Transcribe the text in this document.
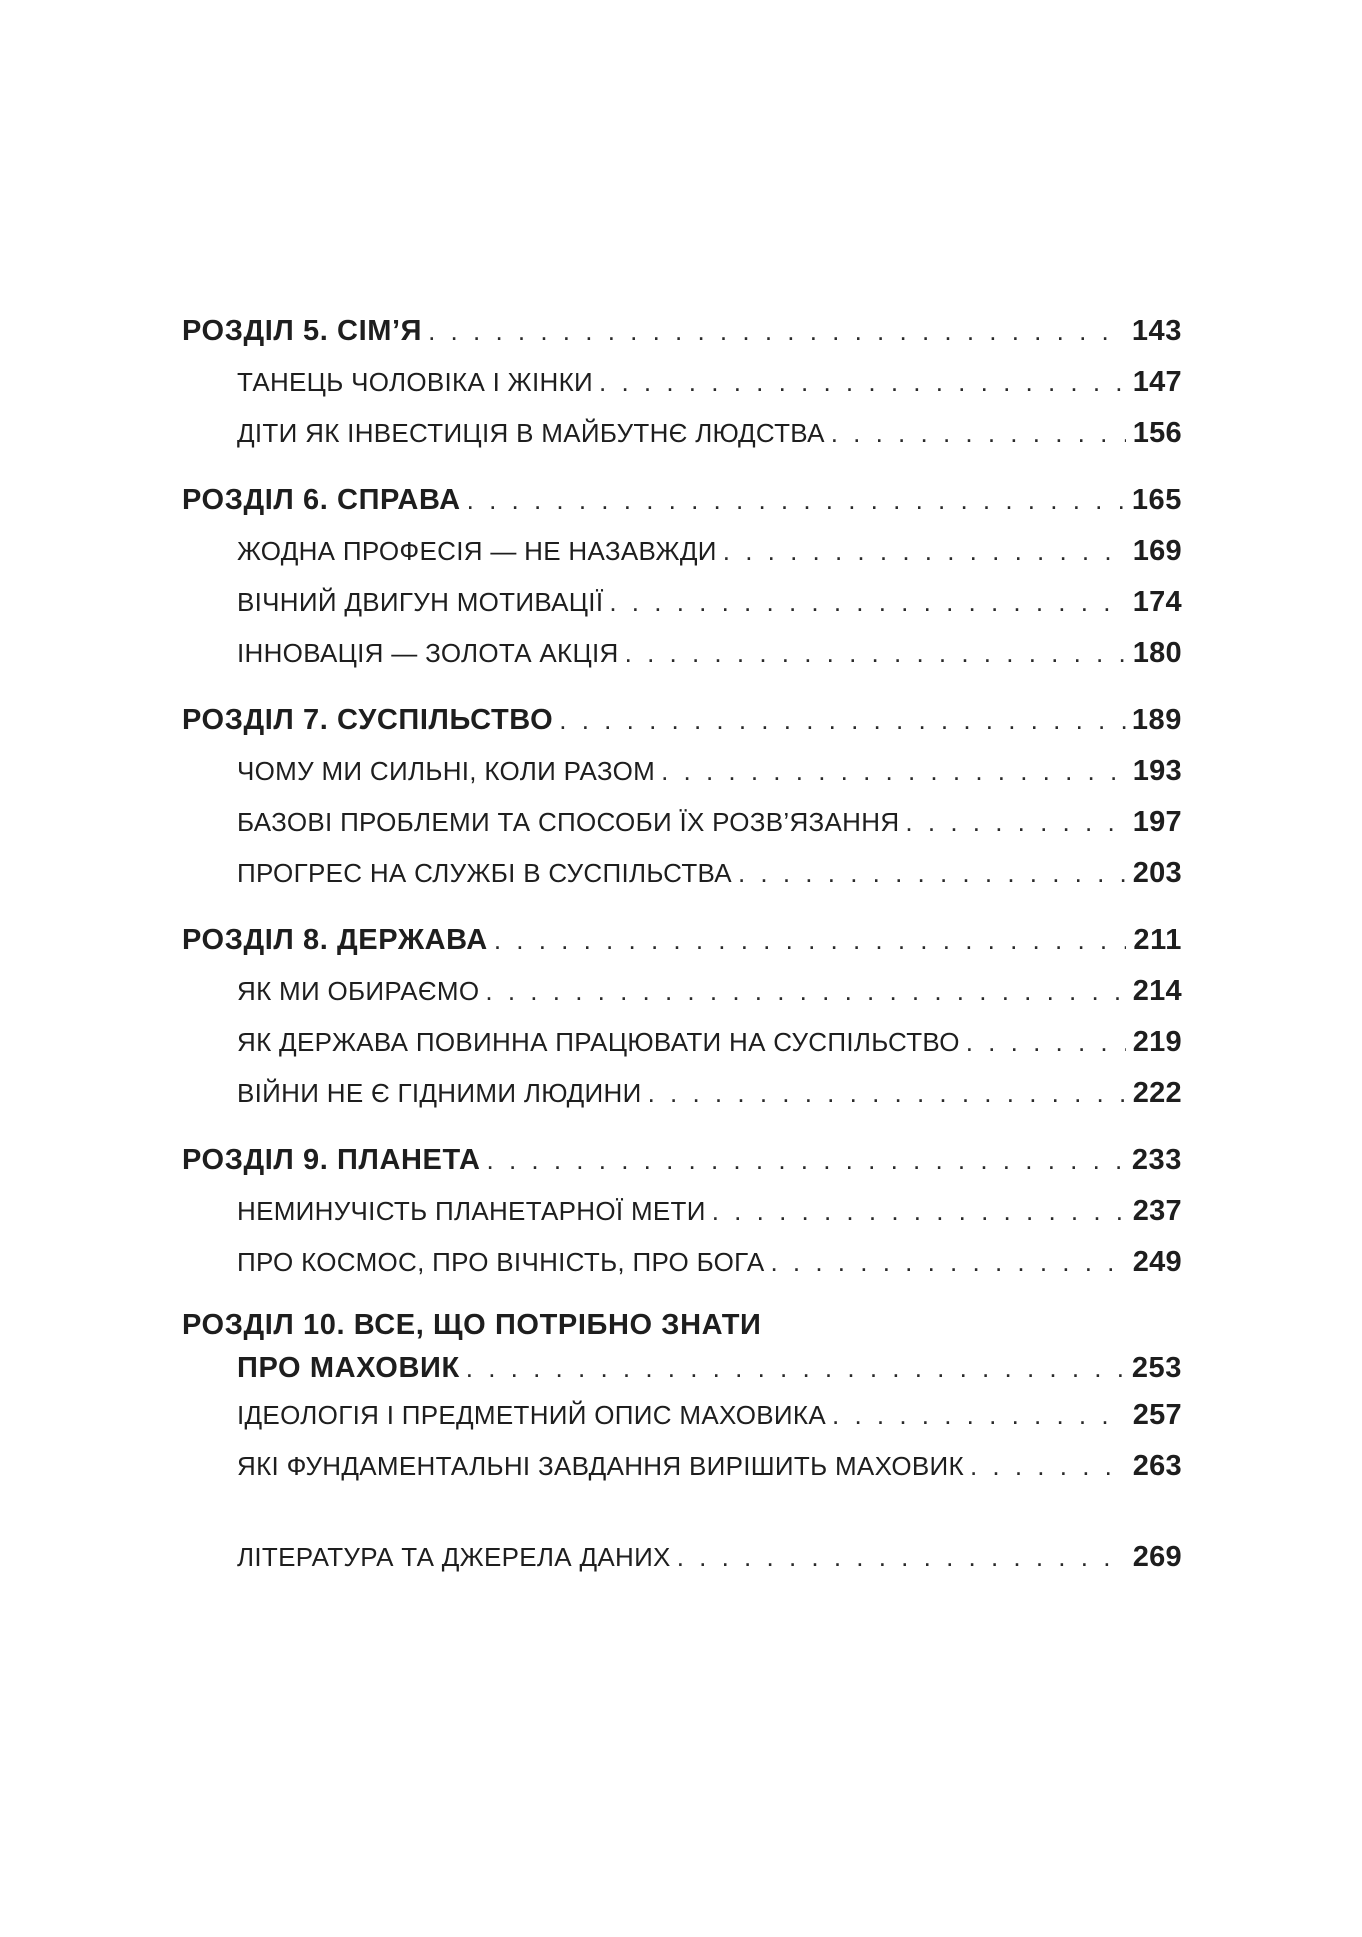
РОЗДІЛ 5. СІМ’Я . . .	143
ТАНЕЦЬ ЧОЛОВІКА І ЖІНКИ . . .	147
ДІТИ ЯК ІНВЕСТИЦІЯ В МАЙБУТНЄ ЛЮДСТВА . . .	156
РОЗДІЛ 6. СПРАВА . . .	165
ЖОДНА ПРОФЕСІЯ — НЕ НАЗАВЖДИ . . .	169
ВІЧНИЙ ДВИГУН МОТИВАЦІЇ . . .	174
ІННОВАЦІЯ — ЗОЛОТА АКЦІЯ . . .	180
РОЗДІЛ 7. СУСПІЛЬСТВО . . .	189
ЧОМУ МИ СИЛЬНІ, КОЛИ РАЗОМ . . .	193
БАЗОВІ ПРОБЛЕМИ ТА СПОСОБИ ЇХ РОЗВ’ЯЗАННЯ . . .	197
ПРОГРЕС НА СЛУЖБІ В СУСПІЛЬСТВА . . .	203
РОЗДІЛ 8. ДЕРЖАВА . . .	211
ЯК МИ ОБИРАЄМО . . .	214
ЯК ДЕРЖАВА ПОВИННА ПРАЦЮВАТИ НА СУСПІЛЬСТВО . . .	219
ВІЙНИ НЕ Є ГІДНИМИ ЛЮДИНИ . . .	222
РОЗДІЛ 9. ПЛАНЕТА . . .	233
НЕМИНУЧІСТЬ ПЛАНЕТАРНОЇ МЕТИ . . .	237
ПРО КОСМОС, ПРО ВІЧНІСТЬ, ПРО БОГА . . .	249
РОЗДІЛ 10. ВСЕ, ЩО ПОТРІБНО ЗНАТИ
ПРО МАХОВИК . . .	253
ІДЕОЛОГІЯ І ПРЕДМЕТНИЙ ОПИС МАХОВИКА . . .	257
ЯКІ ФУНДАМЕНТАЛЬНІ ЗАВДАННЯ ВИРІШИТЬ МАХОВИК . . .	263
ЛІТЕРАТУРА ТА ДЖЕРЕЛА ДАНИХ . . .	269
